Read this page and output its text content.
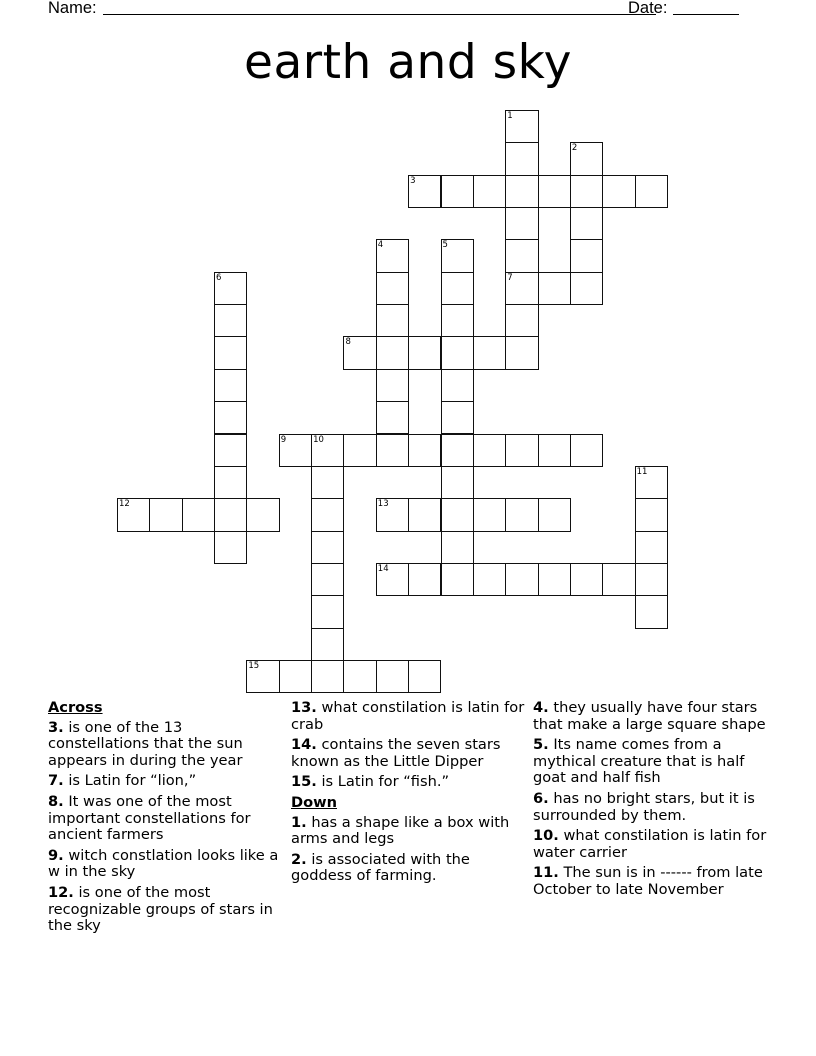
Name:	Date:
earth and sky
1
7
2
3
4	5
6
8
9	10
11
12	13
14
15
Across
3. is one of the 13 constellations that the sun appears in during the year
7. is Latin for “lion,”
8. It was one of the most important constellations for ancient farmers
9. witch constlation looks like a w in the sky
12. is one of the most recognizable groups of stars in the sky
13. what constilation is latin for crab
14. contains the seven stars known as the Little Dipper
15. is Latin for “fish.”
Down
1. has a shape like a box with arms and legs
2. is associated with the goddess of farming.
4. they usually have four stars that make a large square shape
5. Its name comes from a mythical creature that is half goat and half fish
6. has no bright stars, but it is surrounded by them.
10. what constilation is latin for water carrier
11. The sun is in ------ from late October to late November
